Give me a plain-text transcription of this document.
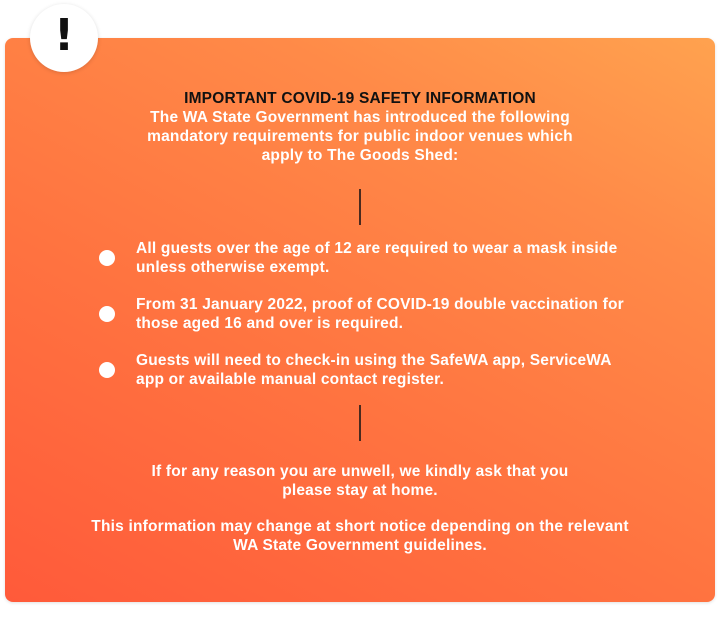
!
IMPORTANT COVID-19 SAFETY INFORMATION
The WA State Government has introduced the following mandatory requirements for public indoor venues which apply to The Goods Shed:
All guests over the age of 12 are required to wear a mask inside unless otherwise exempt.
From 31 January 2022, proof of COVID-19 double vaccination for those aged 16 and over is required.
Guests will need to check-in using the SafeWA app, ServiceWA app or available manual contact register.
If for any reason you are unwell, we kindly ask that you please stay at home.
This information may change at short notice depending on the relevant WA State Government guidelines.
